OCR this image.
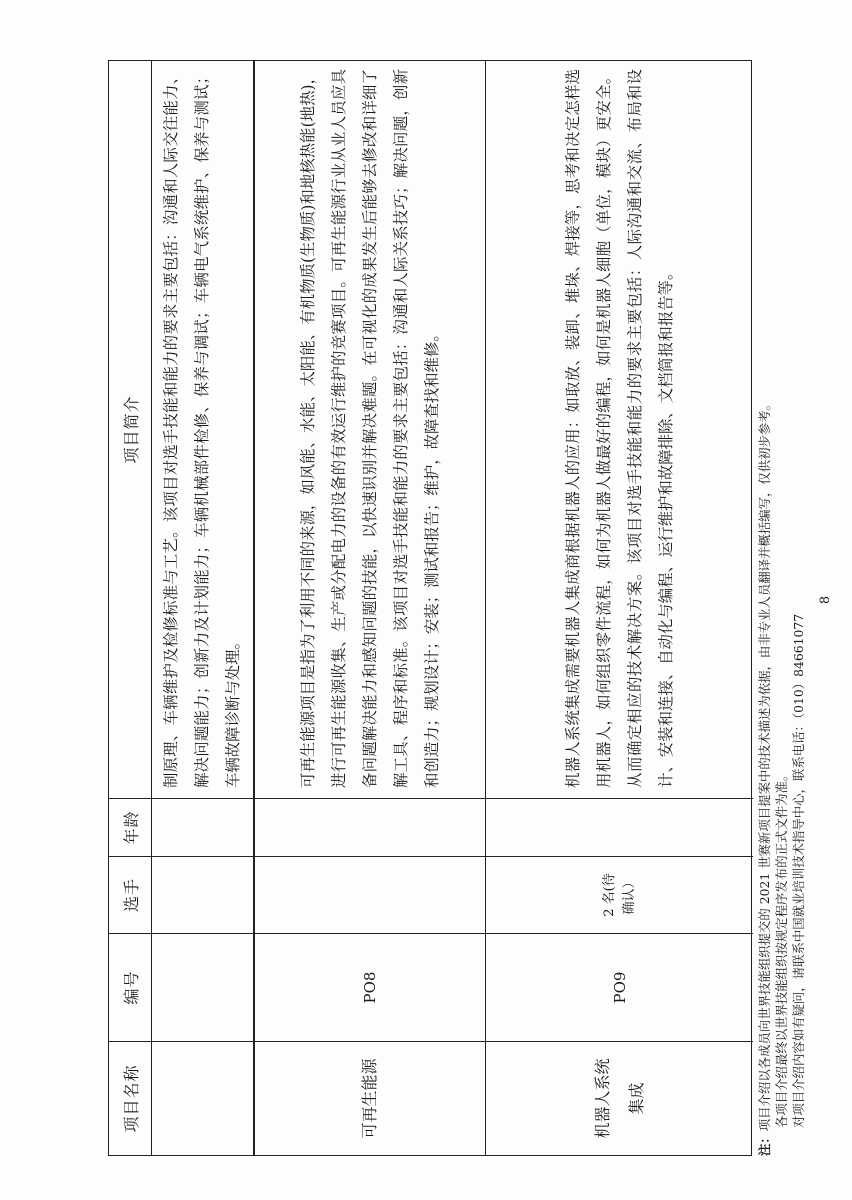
项目名称
编号
选手
年龄
项目简介	制原理、车辆维护及检修标准与工艺。该项目对选手技能和能力的要求主要包括：沟通和人际交往能力、解决问题能力；创新力及计划能力；车辆机械部件检修、保养与调试；车辆电气系统维护、保养与测试；车辆故障诊断与处理。
可再生能源
PO8
可再生能源项目是指为了利用不同的来源，如风能、水能、太阳能、有机物质(生物质)和地核热能(地热)，进行可再生能源收集、生产或分配电力的设备的有效运行维护的竞赛项目。可再生能源行业从业人员应具备问题解决能力和感知问题的技能，以快速识别并解决难题。在可视化的成果发生后能够去修改和详细了解工具、程序和标准。该项目对选手技能和能力的要求主要包括：沟通和人际关系技巧；解决问题，创新和创造力；规划设计；安装；测试和报告；维护，故障查找和维修。
机器人系统 集成
PO9
2 名(待 确认）
机器人系统集成需要机器人集成商根据机器人的应用：如取放、装卸、堆垛、焊接等，思考和决定怎样选用机器人，如何组织零件流程，如何为机器人做最好的编程，如何是机器人细胞（单位，模块）更安全。从而确定相应的技术解决方案。该项目对选手技能和能力的要求主要包括：人际沟通和交流、布局和设计、安装和连接、自动化与编程、运行维护和故障排除、文档简报和报告等。
注：项目介绍以各成员向世界技能组织提交的 2021 世赛新项目提案中的技术描述为依据，由非专业人员翻译并概括编写，仅供初步参考。 各项目介绍最终以世界技能组织按规定程序发布的正式文件为准。 对项目介绍内容如有疑问，请联系中国就业培训技术指导中心，联系电话：（010）84661077
8
